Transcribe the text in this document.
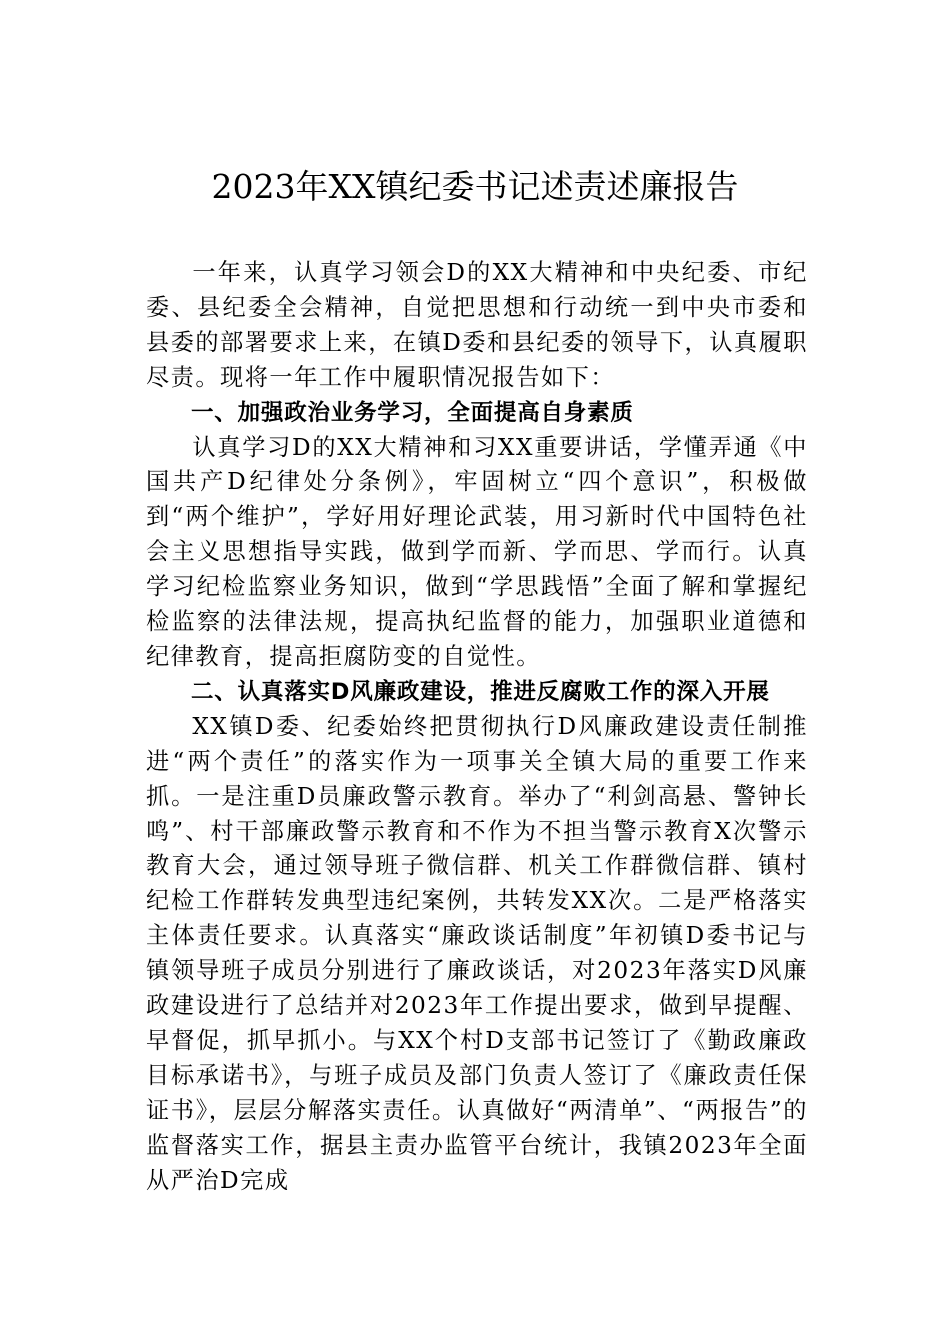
2023年XX镇纪委书记述责述廉报告

一年来，认真学习领会D的XX大精神和中央纪委、市纪委、县纪委全会精神，自觉把思想和行动统一到中央市委和县委的部署要求上来，在镇D委和县纪委的领导下，认真履职尽责。现将一年工作中履职情况报告如下：

一、加强政治业务学习，全面提高自身素质

认真学习D的XX大精神和习XX重要讲话，学懂弄通《中国共产D纪律处分条例》，牢固树立“四个意识”，积极做到“两个维护”，学好用好理论武装，用习新时代中国特色社会主义思想指导实践，做到学而新、学而思、学而行。认真学习纪检监察业务知识，做到“学思践悟”全面了解和掌握纪检监察的法律法规，提高执纪监督的能力，加强职业道德和纪律教育，提高拒腐防变的自觉性。

二、认真落实D风廉政建设，推进反腐败工作的深入开展

XX镇D委、纪委始终把贯彻执行D风廉政建设责任制推进“两个责任”的落实作为一项事关全镇大局的重要工作来抓。一是注重D员廉政警示教育。举办了“利剑高悬、警钟长鸣”、村干部廉政警示教育和不作为不担当警示教育X次警示教育大会，通过领导班子微信群、机关工作群微信群、镇村纪检工作群转发典型违纪案例，共转发XX次。二是严格落实主体责任要求。认真落实“廉政谈话制度”年初镇D委书记与镇领导班子成员分别进行了廉政谈话，对2023年落实D风廉政建设进行了总结并对2023年工作提出要求，做到早提醒、早督促，抓早抓小。与XX个村D支部书记签订了《勤政廉政目标承诺书》，与班子成员及部门负责人签订了《廉政责任保证书》，层层分解落实责任。认真做好“两清单”、“两报告”的监督落实工作，据县主责办监管平台统计，我镇2023年全面从严治D完成
